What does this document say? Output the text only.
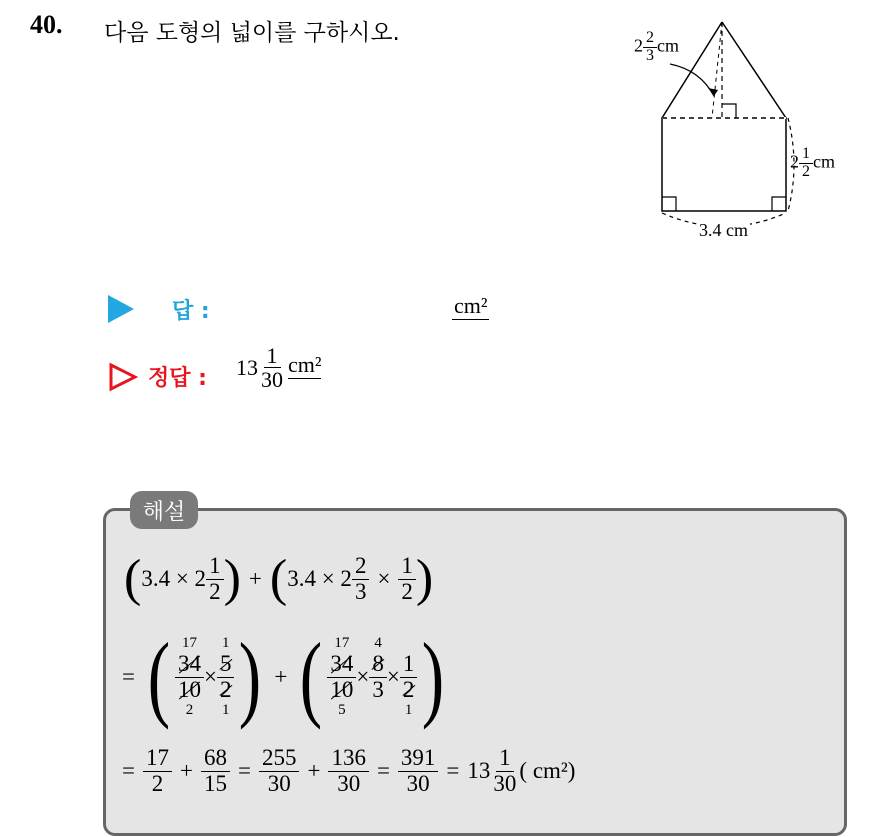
40. 다음 도형의 넓이를 구하시오.	$2 \frac{2}{3}$ cm
$2 \frac{1}{2}$ cm
3.4 cm
답 :	cm²
정답 : $13 \frac{1}{30} cm^2$
해설
( $3.4 \times 2 \frac{1}{2}$ ) + ( $3.4 \times 2 \frac{2}{3} \times \frac{1}{2}$ )
= ( 17
$\frac{34}{10}$
2
×
1
$\frac{5}{2}$
1 ) + ( 17
$\frac{34}{10}$
5
×
4
$\frac{8}{3}$
×
$\frac{1}{2}$
1 )
= $\frac{17}{2} + \frac{68}{15} = \frac{255}{30} + \frac{136}{30} = \frac{391}{30} = 13 \frac{1}{30}$ ( cm²)
